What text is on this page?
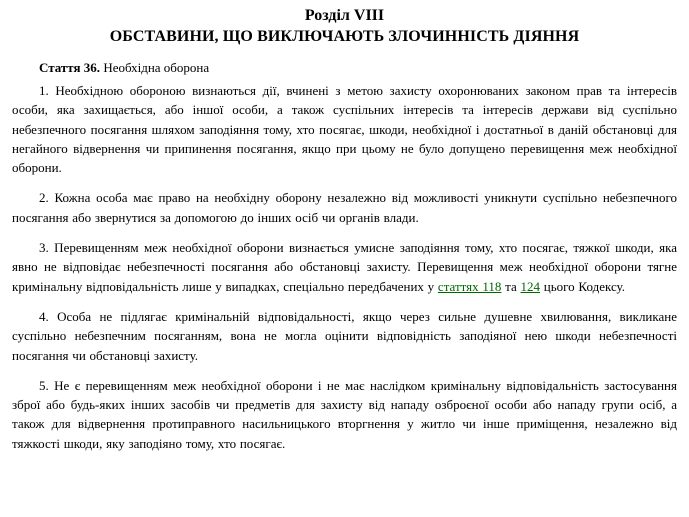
Розділ VIII

ОБСТАВИНИ, ЩО ВИКЛЮЧАЮТЬ ЗЛОЧИННІСТЬ ДІЯННЯ

Стаття 36. Необхідна оборона

1. Необхідною обороною визнаються дії, вчинені з метою захисту охоронюваних законом прав та інтересів особи, яка захищається, або іншої особи, а також суспільних інтересів та інтересів держави від суспільно небезпечного посягання шляхом заподіяння тому, хто посягає, шкоди, необхідної і достатньої в даній обстановці для негайного відвернення чи припинення посягання, якщо при цьому не було допущено перевищення меж необхідної оборони.

2. Кожна особа має право на необхідну оборону незалежно від можливості уникнути суспільно небезпечного посягання або звернутися за допомогою до інших осіб чи органів влади.

3. Перевищенням меж необхідної оборони визнається умисне заподіяння тому, хто посягає, тяжкої шкоди, яка явно не відповідає небезпечності посягання або обстановці захисту. Перевищення меж необхідної оборони тягне кримінальну відповідальність лише у випадках, спеціально передбачених у статтях 118 та 124 цього Кодексу.

4. Особа не підлягає кримінальній відповідальності, якщо через сильне душевне хвилювання, викликане суспільно небезпечним посяганням, вона не могла оцінити відповідність заподіяної нею шкоди небезпечності посягання чи обстановці захисту.

5. Не є перевищенням меж необхідної оборони і не має наслідком кримінальну відповідальність застосування зброї або будь-яких інших засобів чи предметів для захисту від нападу озброєної особи або нападу групи осіб, а також для відвернення протиправного насильницького вторгнення у житло чи інше приміщення, незалежно від тяжкості шкоди, яку заподіяно тому, хто посягає.
